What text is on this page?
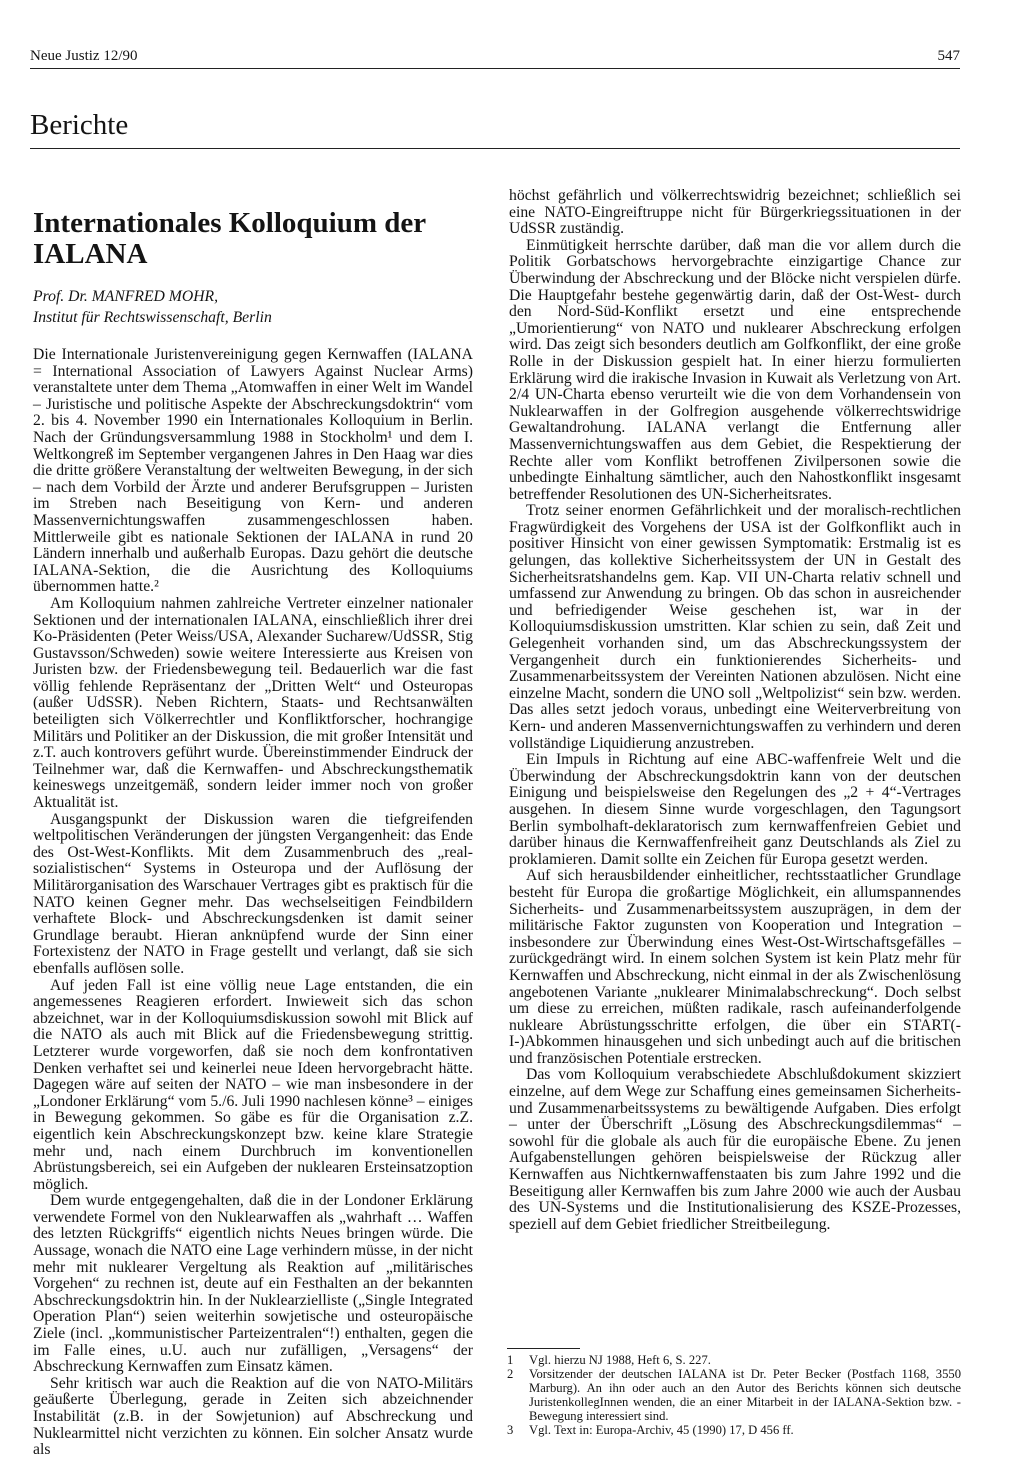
Neue Justiz 12/90	547
Berichte
Internationales Kolloquium der IALANA
Prof. Dr. MANFRED MOHR,
Institut für Rechtswissenschaft, Berlin

Die Internationale Juristenvereinigung gegen Kernwaffen (IALANA = International Association of Lawyers Against Nuclear Arms) veranstaltete unter dem Thema „Atomwaffen in einer Welt im Wandel – Juristische und politische Aspekte der Abschreckungsdoktrin“ vom 2. bis 4. November 1990 ein Internationales Kolloquium in Berlin. Nach der Gründungsversammlung 1988 in Stockholm¹ und dem I. Weltkongreß im September vergangenen Jahres in Den Haag war dies die dritte größere Veranstaltung der weltweiten Bewegung, in der sich – nach dem Vorbild der Ärzte und anderer Berufsgruppen – Juristen im Streben nach Beseitigung von Kern- und anderen Massenvernichtungswaffen zusammengeschlossen haben. Mittlerweile gibt es nationale Sektionen der IALANA in rund 20 Ländern innerhalb und außerhalb Europas. Dazu gehört die deutsche IALANA-Sektion, die die Ausrichtung des Kolloquiums übernommen hatte.²

Am Kolloquium nahmen zahlreiche Vertreter einzelner nationaler Sektionen und der internationalen IALANA, einschließlich ihrer drei Ko-Präsidenten (Peter Weiss/USA, Alexander Sucharew/UdSSR, Stig Gustavsson/Schweden) sowie weitere Interessierte aus Kreisen von Juristen bzw. der Friedensbewegung teil. Bedauerlich war die fast völlig fehlende Repräsentanz der „Dritten Welt“ und Osteuropas (außer UdSSR). Neben Richtern, Staats- und Rechtsanwälten beteiligten sich Völkerrechtler und Konfliktforscher, hochrangige Militärs und Politiker an der Diskussion, die mit großer Intensität und z.T. auch kontrovers geführt wurde. Übereinstimmender Eindruck der Teilnehmer war, daß die Kernwaffen- und Abschreckungsthematik keineswegs unzeitgemäß, sondern leider immer noch von großer Aktualität ist.

Ausgangspunkt der Diskussion waren die tiefgreifenden weltpolitischen Veränderungen der jüngsten Vergangenheit: das Ende des Ost-West-Konflikts. Mit dem Zusammenbruch des „real-sozialistischen“ Systems in Osteuropa und der Auflösung der Militärorganisation des Warschauer Vertrages gibt es praktisch für die NATO keinen Gegner mehr. Das wechselseitigen Feindbildern verhaftete Block- und Abschreckungsdenken ist damit seiner Grundlage beraubt. Hieran anknüpfend wurde der Sinn einer Fortexistenz der NATO in Frage gestellt und verlangt, daß sie sich ebenfalls auflösen solle.

Auf jeden Fall ist eine völlig neue Lage entstanden, die ein angemessenes Reagieren erfordert. Inwieweit sich das schon abzeichnet, war in der Kolloquiumsdiskussion sowohl mit Blick auf die NATO als auch mit Blick auf die Friedensbewegung strittig. Letzterer wurde vorgeworfen, daß sie noch dem konfrontativen Denken verhaftet sei und keinerlei neue Ideen hervorgebracht hätte. Dagegen wäre auf seiten der NATO – wie man insbesondere in der „Londoner Erklärung“ vom 5./6. Juli 1990 nachlesen könne³ – einiges in Bewegung gekommen. So gäbe es für die Organisation z.Z. eigentlich kein Abschreckungskonzept bzw. keine klare Strategie mehr und, nach einem Durchbruch im konventionellen Abrüstungsbereich, sei ein Aufgeben der nuklearen Ersteinsatzoption möglich.

Dem wurde entgegengehalten, daß die in der Londoner Erklärung verwendete Formel von den Nuklearwaffen als „wahrhaft … Waffen des letzten Rückgriffs“ eigentlich nichts Neues bringen würde. Die Aussage, wonach die NATO eine Lage verhindern müsse, in der nicht mehr mit nuklearer Vergeltung als Reaktion auf „militärisches Vorgehen“ zu rechnen ist, deute auf ein Festhalten an der bekannten Abschreckungsdoktrin hin. In der Nuklearzielliste („Single Integrated Operation Plan“) seien weiterhin sowjetische und osteuropäische Ziele (incl. „kommunistischer Parteizentralen“!) enthalten, gegen die im Falle eines, u.U. auch nur zufälligen, „Versagens“ der Abschreckung Kernwaffen zum Einsatz kämen.

Sehr kritisch war auch die Reaktion auf die von NATO-Militärs geäußerte Überlegung, gerade in Zeiten sich abzeichnender Instabilität (z.B. in der Sowjetunion) auf Abschreckung und Nuklearmittel nicht verzichten zu können. Ein solcher Ansatz wurde als

höchst gefährlich und völkerrechtswidrig bezeichnet; schließlich sei eine NATO-Eingreiftruppe nicht für Bürgerkriegssituationen in der UdSSR zuständig.

Einmütigkeit herrschte darüber, daß man die vor allem durch die Politik Gorbatschows hervorgebrachte einzigartige Chance zur Überwindung der Abschreckung und der Blöcke nicht verspielen dürfe. Die Hauptgefahr bestehe gegenwärtig darin, daß der Ost-West- durch den Nord-Süd-Konflikt ersetzt und eine entsprechende „Umorientierung“ von NATO und nuklearer Abschreckung erfolgen wird. Das zeigt sich besonders deutlich am Golfkonflikt, der eine große Rolle in der Diskussion gespielt hat. In einer hierzu formulierten Erklärung wird die irakische Invasion in Kuwait als Verletzung von Art. 2/4 UN-Charta ebenso verurteilt wie die von dem Vorhandensein von Nuklearwaffen in der Golfregion ausgehende völkerrechtswidrige Gewaltandrohung. IALANA verlangt die Entfernung aller Massenvernichtungswaffen aus dem Gebiet, die Respektierung der Rechte aller vom Konflikt betroffenen Zivilpersonen sowie die unbedingte Einhaltung sämtlicher, auch den Nahostkonflikt insgesamt betreffender Resolutionen des UN-Sicherheitsrates.

Trotz seiner enormen Gefährlichkeit und der moralisch-rechtlichen Fragwürdigkeit des Vorgehens der USA ist der Golfkonflikt auch in positiver Hinsicht von einer gewissen Symptomatik: Erstmalig ist es gelungen, das kollektive Sicherheitssystem der UN in Gestalt des Sicherheitsratshandelns gem. Kap. VII UN-Charta relativ schnell und umfassend zur Anwendung zu bringen. Ob das schon in ausreichender und befriedigender Weise geschehen ist, war in der Kolloquiumsdiskussion umstritten. Klar schien zu sein, daß Zeit und Gelegenheit vorhanden sind, um das Abschreckungssystem der Vergangenheit durch ein funktionierendes Sicherheits- und Zusammenarbeitssystem der Vereinten Nationen abzulösen. Nicht eine einzelne Macht, sondern die UNO soll „Weltpolizist“ sein bzw. werden. Das alles setzt jedoch voraus, unbedingt eine Weiterverbreitung von Kern- und anderen Massenvernichtungswaffen zu verhindern und deren vollständige Liquidierung anzustreben.

Ein Impuls in Richtung auf eine ABC-waffenfreie Welt und die Überwindung der Abschreckungsdoktrin kann von der deutschen Einigung und beispielsweise den Regelungen des „2 + 4“-Vertrages ausgehen. In diesem Sinne wurde vorgeschlagen, den Tagungsort Berlin symbolhaft-deklaratorisch zum kernwaffenfreien Gebiet und darüber hinaus die Kernwaffenfreiheit ganz Deutschlands als Ziel zu proklamieren. Damit sollte ein Zeichen für Europa gesetzt werden.

Auf sich herausbildender einheitlicher, rechtsstaatlicher Grundlage besteht für Europa die großartige Möglichkeit, ein allumspannendes Sicherheits- und Zusammenarbeitssystem auszuprägen, in dem der militärische Faktor zugunsten von Kooperation und Integration – insbesondere zur Überwindung eines West-Ost-Wirtschaftsgefälles – zurückgedrängt wird. In einem solchen System ist kein Platz mehr für Kernwaffen und Abschreckung, nicht einmal in der als Zwischenlösung angebotenen Variante „nuklearer Minimalabschreckung“. Doch selbst um diese zu erreichen, müßten radikale, rasch aufeinanderfolgende nukleare Abrüstungsschritte erfolgen, die über ein START(-I-)Abkommen hinausgehen und sich unbedingt auch auf die britischen und französischen Potentiale erstrecken.

Das vom Kolloquium verabschiedete Abschlußdokument skizziert einzelne, auf dem Wege zur Schaffung eines gemeinsamen Sicherheits- und Zusammenarbeitssystems zu bewältigende Aufgaben. Dies erfolgt – unter der Überschrift „Lösung des Abschreckungsdilemmas“ – sowohl für die globale als auch für die europäische Ebene. Zu jenen Aufgabenstellungen gehören beispielsweise der Rückzug aller Kernwaffen aus Nichtkernwaffenstaaten bis zum Jahre 1992 und die Beseitigung aller Kernwaffen bis zum Jahre 2000 wie auch der Ausbau des UN-Systems und die Institutionalisierung des KSZE-Prozesses, speziell auf dem Gebiet friedlicher Streitbeilegung.

1 Vgl. hierzu NJ 1988, Heft 6, S. 227.
2 Vorsitzender der deutschen IALANA ist Dr. Peter Becker (Postfach 1168, 3550 Marburg). An ihn oder auch an den Autor des Berichts können sich deutsche JuristenkollegInnen wenden, die an einer Mitarbeit in der IALANA-Sektion bzw. -Bewegung interessiert sind.
3 Vgl. Text in: Europa-Archiv, 45 (1990) 17, D 456 ff.
